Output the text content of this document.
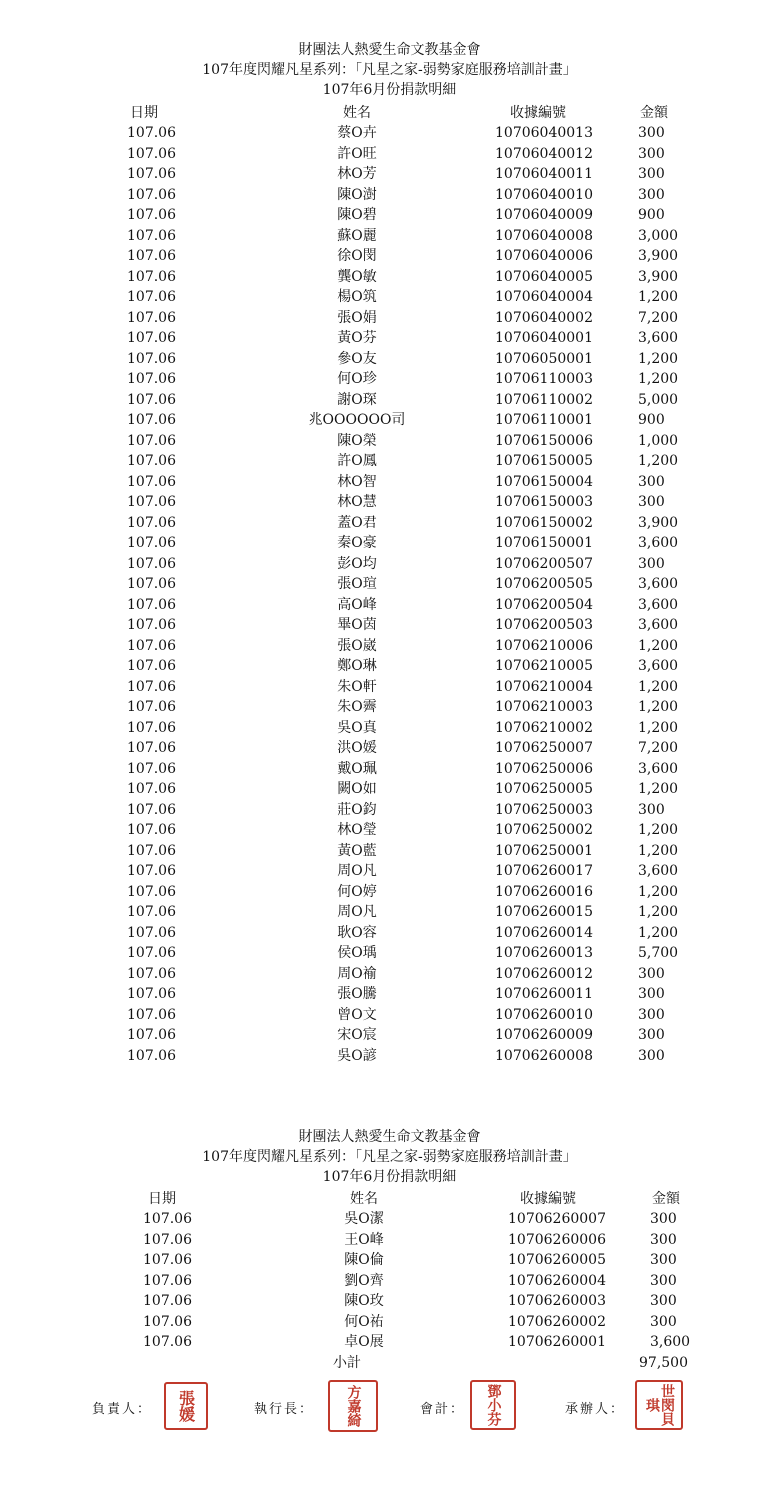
財團法人熱愛生命文教基金會
107年度閃耀凡星系列：「凡星之家-弱勢家庭服務培訓計畫」
107年6月份捐款明細
日期	姓名	收據編號	金額
107.06	蔡O卉	10706040013	300
107.06	許O旺	10706040012	300
107.06	林O芳	10706040011	300
107.06	陳O澍	10706040010	300
107.06	陳O碧	10706040009	900
107.06	蘇O麗	10706040008	3,000
107.06	徐O閔	10706040006	3,900
107.06	龔O敏	10706040005	3,900
107.06	楊O筑	10706040004	1,200
107.06	張O娟	10706040002	7,200
107.06	黃O芬	10706040001	3,600
107.06	參O友	10706050001	1,200
107.06	何O珍	10706110003	1,200
107.06	謝O琛	10706110002	5,000
107.06	兆OOOOOO司	10706110001	900
107.06	陳O榮	10706150006	1,000
107.06	許O鳳	10706150005	1,200
107.06	林O智	10706150004	300
107.06	林O慧	10706150003	300
107.06	蓋O君	10706150002	3,900
107.06	秦O豪	10706150001	3,600
107.06	彭O均	10706200507	300
107.06	張O瑄	10706200505	3,600
107.06	高O峰	10706200504	3,600
107.06	畢O茵	10706200503	3,600
107.06	張O崴	10706210006	1,200
107.06	鄭O琳	10706210005	3,600
107.06	朱O軒	10706210004	1,200
107.06	朱O霽	10706210003	1,200
107.06	吳O真	10706210002	1,200
107.06	洪O媛	10706250007	7,200
107.06	戴O珮	10706250006	3,600
107.06	闕O如	10706250005	1,200
107.06	莊O鈞	10706250003	300
107.06	林O瑩	10706250002	1,200
107.06	黃O藍	10706250001	1,200
107.06	周O凡	10706260017	3,600
107.06	何O婷	10706260016	1,200
107.06	周O凡	10706260015	1,200
107.06	耿O容	10706260014	1,200
107.06	侯O瑀	10706260013	5,700
107.06	周O褕	10706260012	300
107.06	張O騰	10706260011	300
107.06	曾O文	10706260010	300
107.06	宋O宸	10706260009	300
107.06	吳O諺	10706260008	300
財團法人熱愛生命文教基金會
107年度閃耀凡星系列：「凡星之家-弱勢家庭服務培訓計畫」
107年6月份捐款明細
日期	姓名	收據編號	金額
107.06	吳O潔	10706260007	300
107.06	王O峰	10706260006	300
107.06	陳O倫	10706260005	300
107.06	劉O齊	10706260004	300
107.06	陳O玫	10706260003	300
107.06	何O祐	10706260002	300
107.06	卓O展	10706260001	3,600
小計	97,500
負責人： 張媛	執行長： 方嘉綺	會計： 鄧小芬	承辦人：	世閔貝琪
